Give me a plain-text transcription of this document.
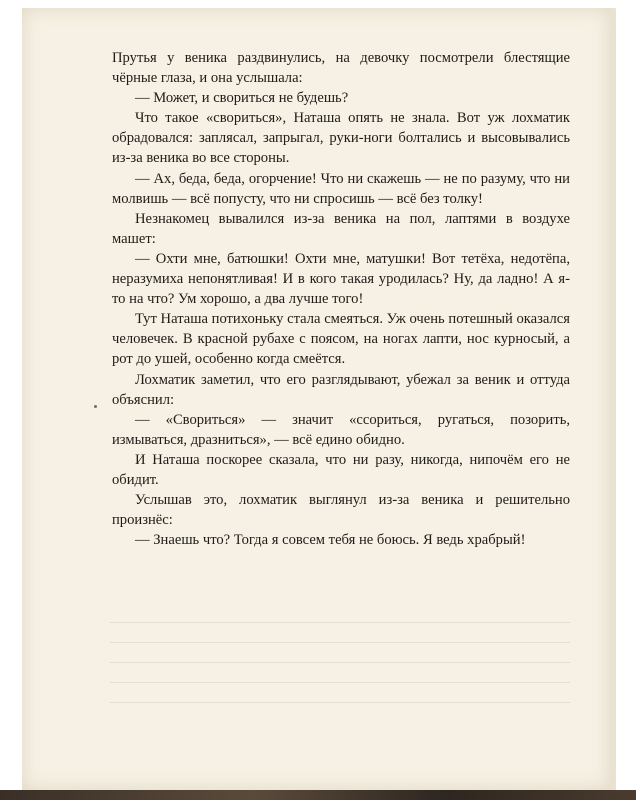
Прутья у веника раздвинулись, на девочку посмотрели блестящие чёрные глаза, и она услышала:

— Может, и свориться не будешь?

Что такое «свориться», Наташа опять не знала. Вот уж лохматик обрадовался: заплясал, запрыгал, руки-ноги болтались и высовывались из-за веника во все стороны.

— Ах, беда, беда, огорчение! Что ни скажешь — не по разуму, что ни молвишь — всё попусту, что ни спросишь — всё без толку!

Незнакомец вывалился из-за веника на пол, лаптями в воздухе машет:

— Охти мне, батюшки! Охти мне, матушки! Вот тетёха, недотёпа, неразумиха непонятливая! И в кого такая уродилась? Ну, да ладно! А я-то на что? Ум хорошо, а два лучше того!

Тут Наташа потихоньку стала смеяться. Уж очень потешный оказался человечек. В красной рубахе с поясом, на ногах лапти, нос курносый, а рот до ушей, особенно когда смеётся.

Лохматик заметил, что его разглядывают, убежал за веник и оттуда объяснил:

— «Свориться» — значит «ссориться, ругаться, позорить, измываться, дразниться», — всё едино обидно.

И Наташа поскорее сказала, что ни разу, никогда, нипочём его не обидит.

Услышав это, лохматик выглянул из-за веника и решительно произнёс:

— Знаешь что? Тогда я совсем тебя не боюсь. Я ведь храбрый!
